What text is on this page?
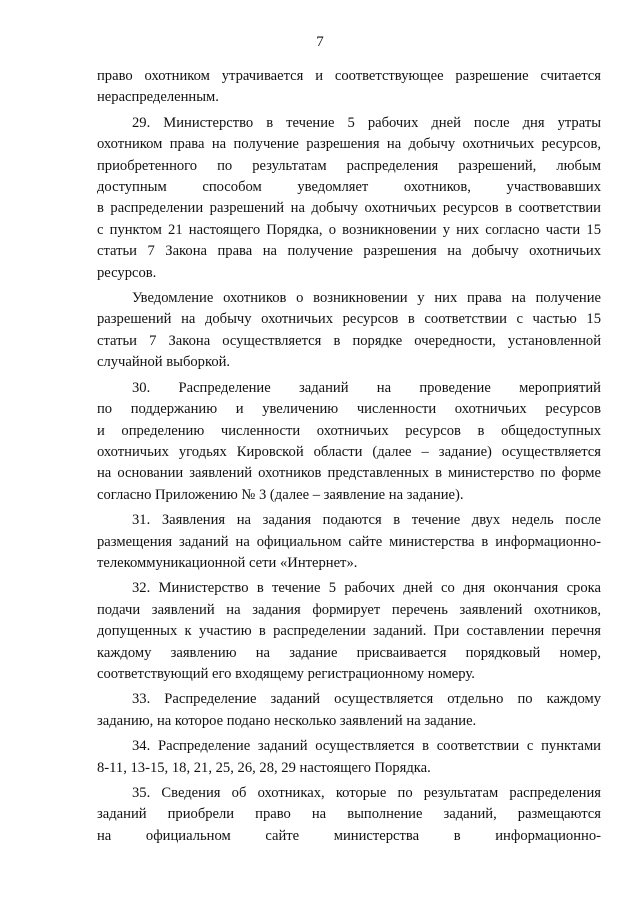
7

право охотником утрачивается и соответствующее разрешение считается
нераспределенным.

29. Министерство в течение 5 рабочих дней после дня утраты
охотником права на получение разрешения на добычу охотничьих ресурсов,
приобретенного по результатам распределения разрешений, любым
доступным способом уведомляет охотников, участвовавших
в распределении разрешений на добычу охотничьих ресурсов в соответствии
с пунктом 21 настоящего Порядка, о возникновении у них согласно части 15
статьи 7 Закона права на получение разрешения на добычу охотничьих
ресурсов.

Уведомление охотников о возникновении у них права на получение
разрешений на добычу охотничьих ресурсов в соответствии с частью 15
статьи 7 Закона осуществляется в порядке очередности, установленной
случайной выборкой.

30. Распределение заданий на проведение мероприятий
по поддержанию и увеличению численности охотничьих ресурсов
и определению численности охотничьих ресурсов в общедоступных
охотничьих угодьях Кировской области (далее – задание) осуществляется
на основании заявлений охотников представленных в министерство по форме
согласно Приложению № 3 (далее – заявление на задание).

31. Заявления на задания подаются в течение двух недель после
размещения заданий на официальном сайте министерства в информационно-
телекоммуникационной сети «Интернет».

32. Министерство в течение 5 рабочих дней со дня окончания срока
подачи заявлений на задания формирует перечень заявлений охотников,
допущенных к участию в распределении заданий. При составлении перечня
каждому заявлению на задание присваивается порядковый номер,
соответствующий его входящему регистрационному номеру.

33. Распределение заданий осуществляется отдельно по каждому
заданию, на которое подано несколько заявлений на задание.

34. Распределение заданий осуществляется в соответствии с пунктами
8-11, 13-15, 18, 21, 25, 26, 28, 29 настоящего Порядка.

35. Сведения об охотниках, которые по результатам распределения
заданий приобрели право на выполнение заданий, размещаются
на официальном сайте министерства в информационно-
